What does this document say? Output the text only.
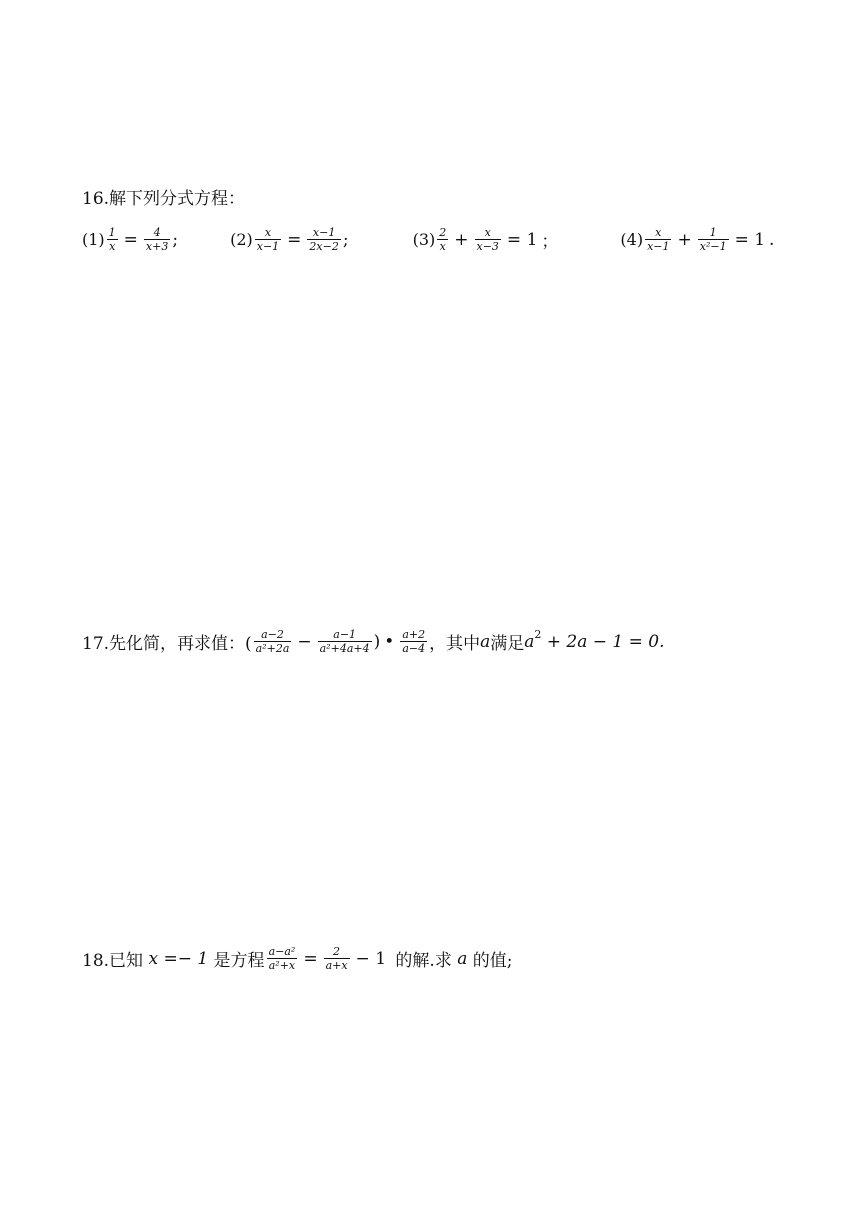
16.解下列分式方程：
$(1) \frac{1}{x} = \frac{4}{x+3}$ ;	$(2) \frac{x}{x-1} = \frac{x-1}{2x-2}$ ;	$(3) \frac{2}{x} + \frac{x}{x-3} = 1$ ；	$(4) \frac{x}{x-1} + \frac{1}{\text{x²−1}} = 1$ .
17.先化简，再求值：( $\frac{a-2}{\text{a²+2a}} - \frac{a-1}{\text{a²+4a+4}}$ ) • $\frac{a+2}{a-4}$ ，其中 a 满足 a 2 + 2a − 1 = 0.
18.已知 x =− 1 是方程 $\frac{\text{a−a²}}{\text{a²+x}} = \frac{2}{a+x} - 1$ 的解.求 a 的值;
